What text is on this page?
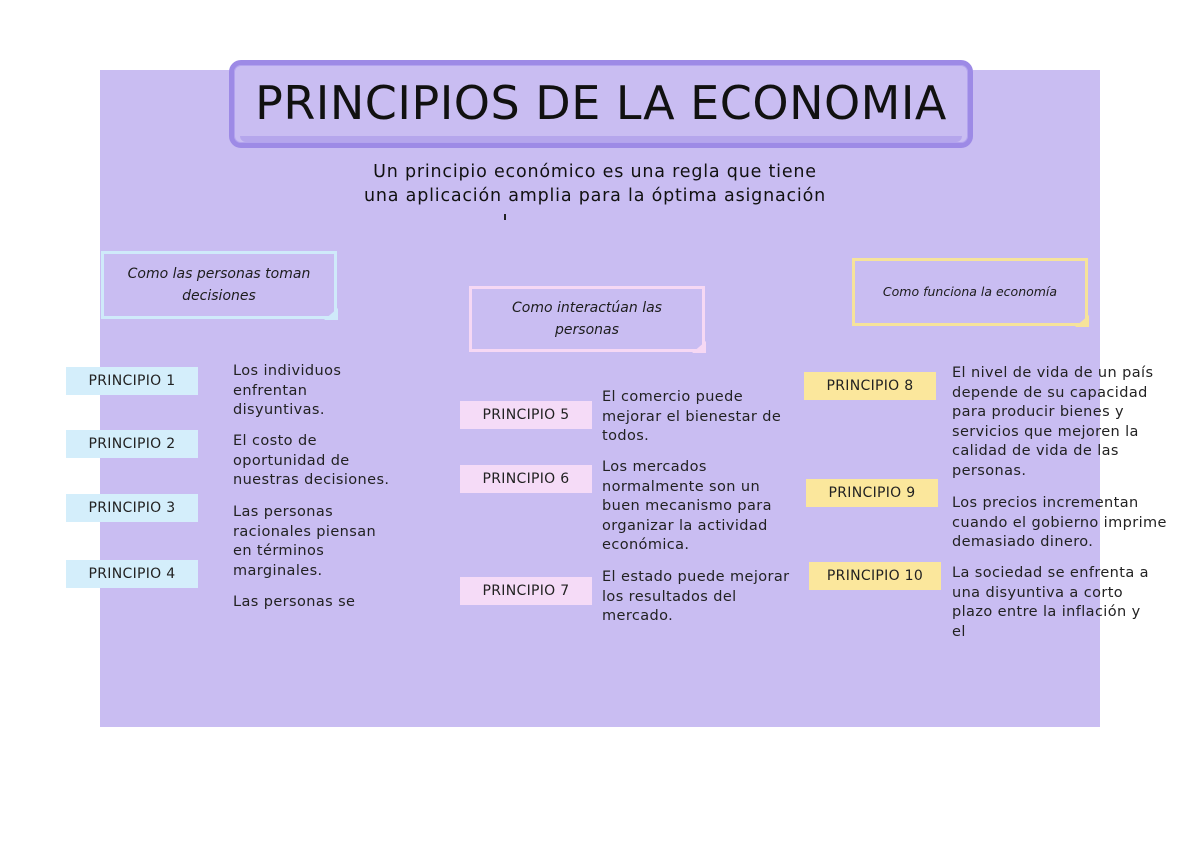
PRINCIPIOS DE LA ECONOMIA
Un principio económico es una regla que tiene
una aplicación amplia para la óptima asignación
Como las personas toman
decisiones
Como interactúan las
personas
Como funciona la economía
PRINCIPIO 1
Los individuos enfrentan disyuntivas.
PRINCIPIO 2	El costo de oportunidad de nuestras decisiones.
PRINCIPIO 3	Las personas racionales piensan en términos marginales.
PRINCIPIO 4
Las personas se
PRINCIPIO 5
El comercio puede mejorar el bienestar de todos.
PRINCIPIO 6
Los mercados normalmente son un buen mecanismo para organizar la actividad económica.
PRINCIPIO 7
El estado puede mejorar los resultados del mercado.
PRINCIPIO 8
El nivel de vida de un país depende de su capacidad para producir bienes y servicios que mejoren la calidad de vida de las personas.
PRINCIPIO 9
Los precios incrementan cuando el gobierno imprime demasiado dinero.
PRINCIPIO 10	La sociedad se enfrenta a una disyuntiva a corto plazo entre la inflación y el
